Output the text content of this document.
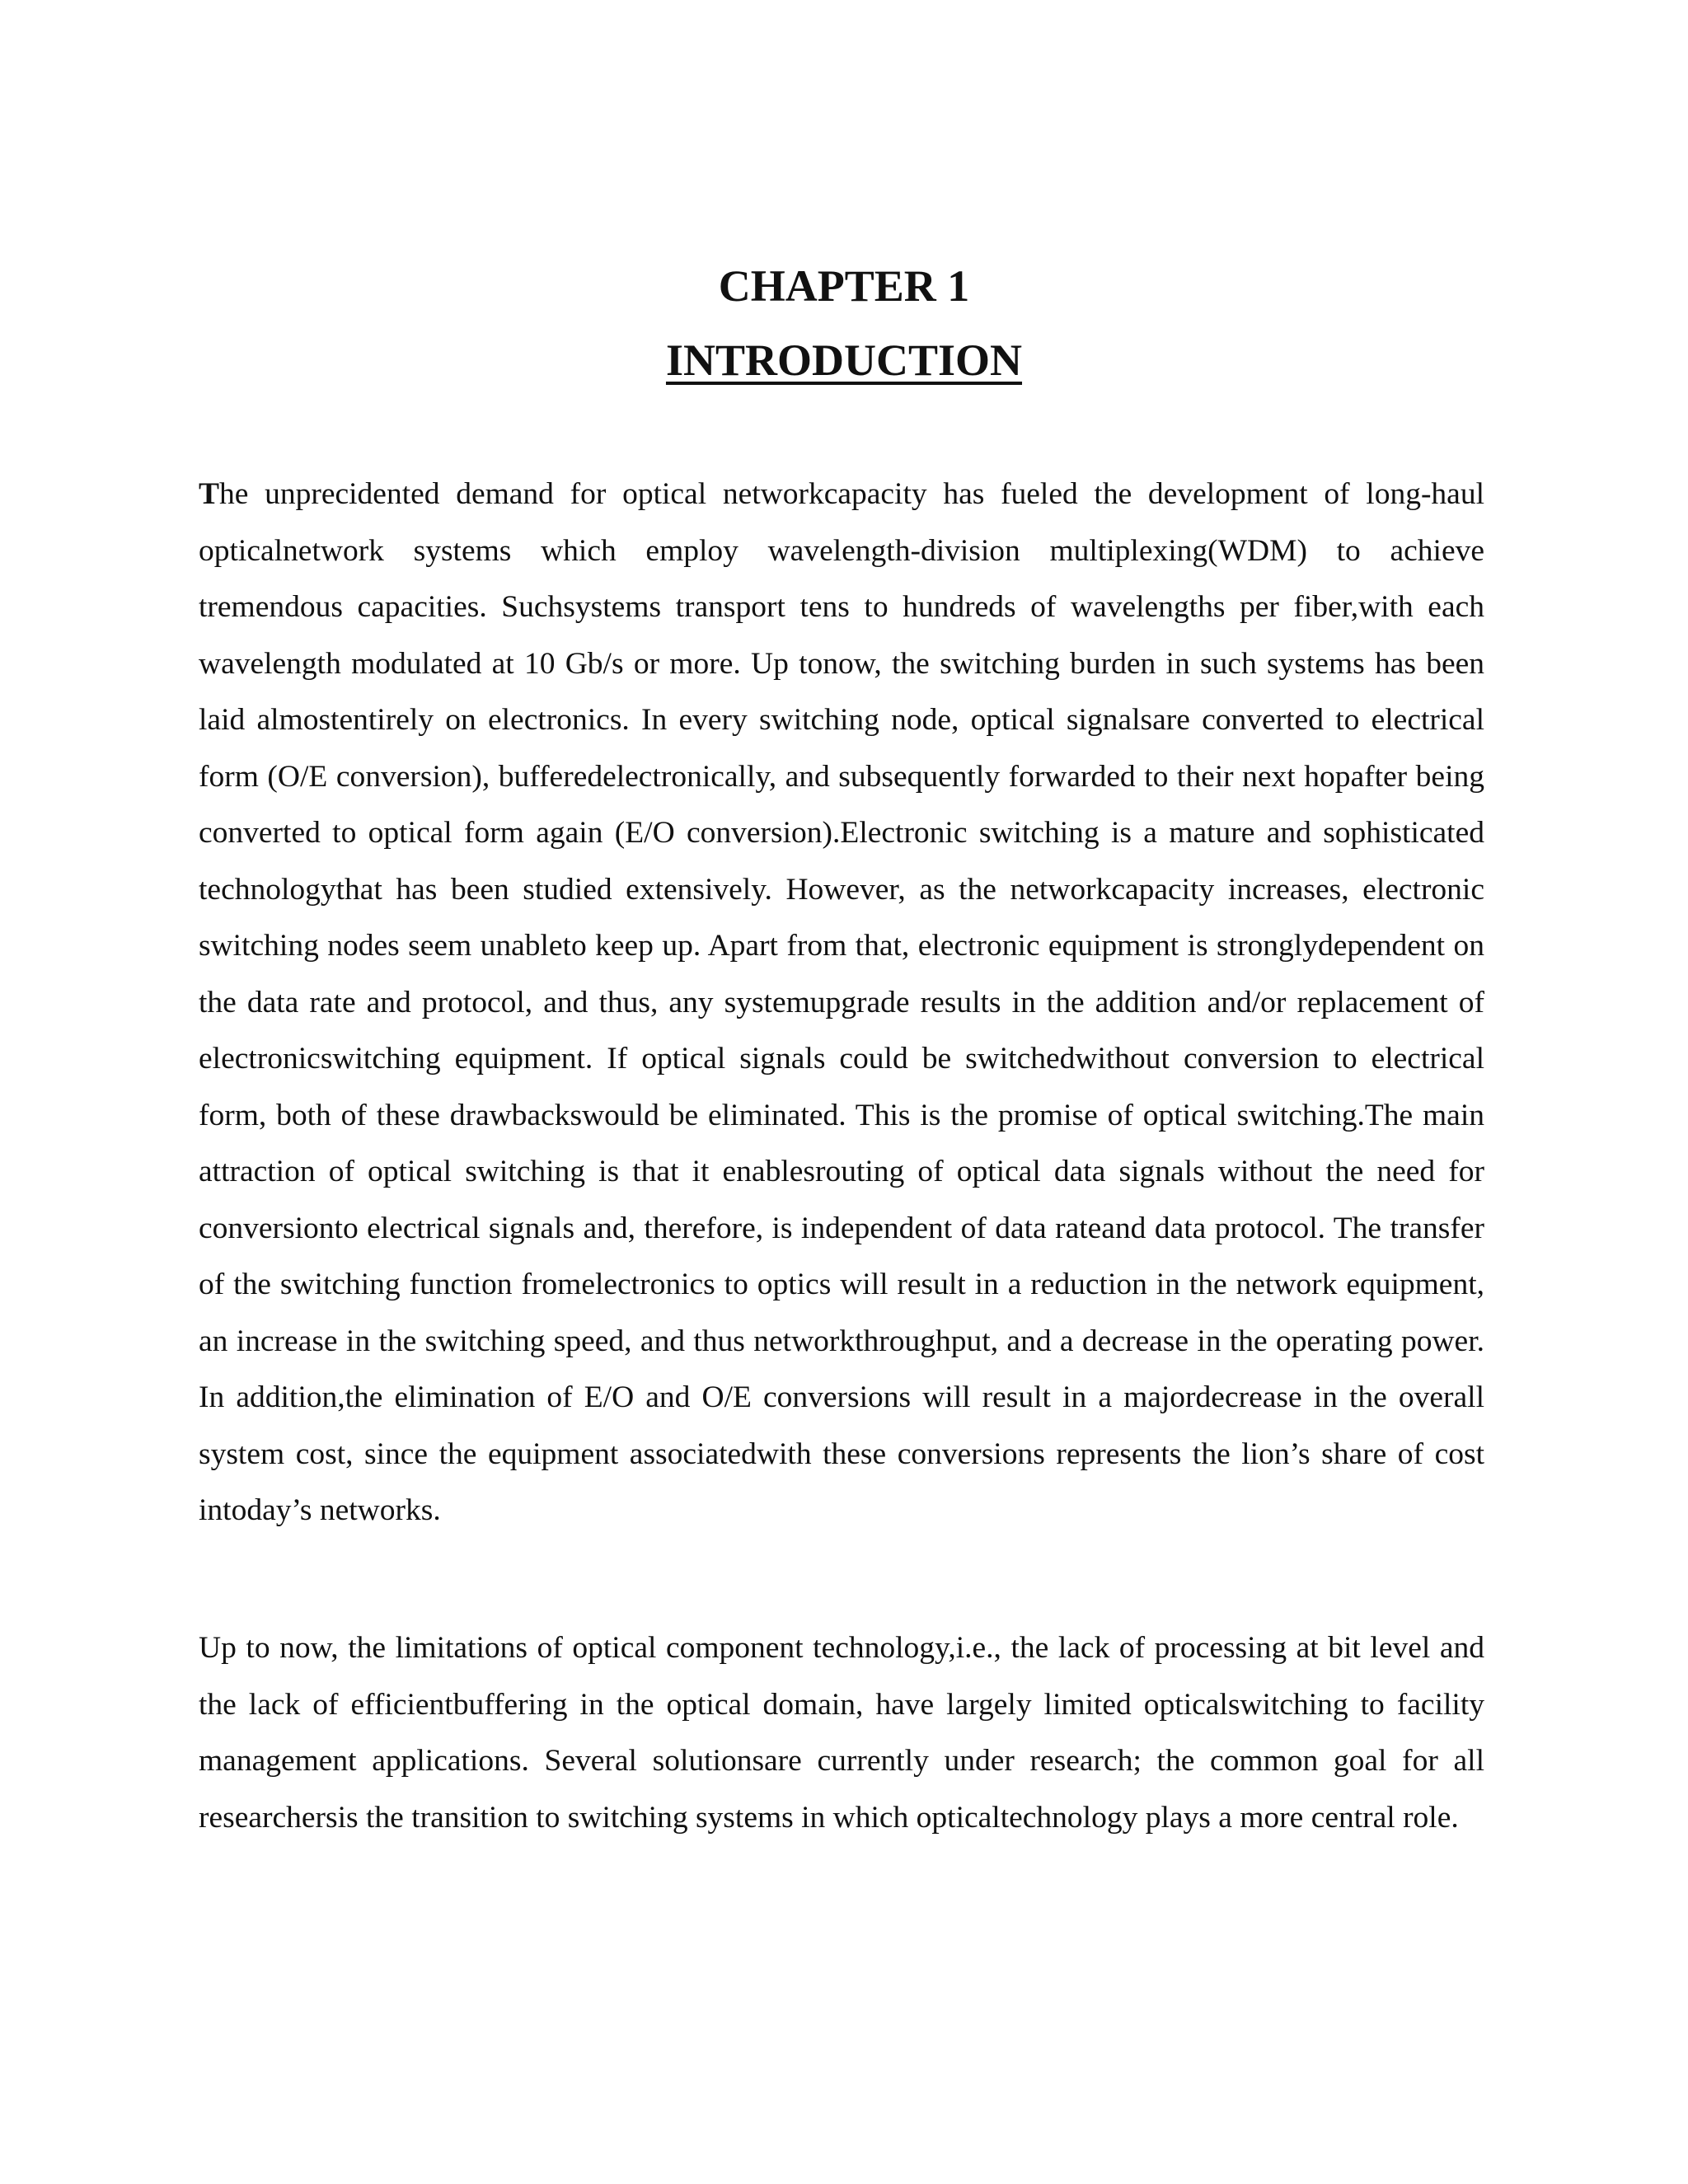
CHAPTER 1
INTRODUCTION

The unprecidented demand for optical networkcapacity has fueled the development of long-haul opticalnetwork systems which employ wavelength-division multiplexing(WDM) to achieve tremendous capacities. Suchsystems transport tens to hundreds of wavelengths per fiber,with each wavelength modulated at 10 Gb/s or more. Up tonow, the switching burden in such systems has been laid almostentirely on electronics. In every switching node, optical signalsare converted to electrical form (O/E conversion), bufferedelectronically, and subsequently forwarded to their next hopafter being converted to optical form again (E/O conversion).Electronic switching is a mature and sophisticated technologythat has been studied extensively. However, as the networkcapacity increases, electronic switching nodes seem unableto keep up. Apart from that, electronic equipment is stronglydependent on the data rate and protocol, and thus, any systemupgrade results in the addition and/or replacement of electronicswitching equipment. If optical signals could be switchedwithout conversion to electrical form, both of these drawbackswould be eliminated. This is the promise of optical switching.The main attraction of optical switching is that it enablesrouting of optical data signals without the need for conversionto electrical signals and, therefore, is independent of data rateand data protocol. The transfer of the switching function fromelectronics to optics will result in a reduction in the network equipment, an increase in the switching speed, and thus networkthroughput, and a decrease in the operating power. In addition,the elimination of E/O and O/E conversions will result in a majordecrease in the overall system cost, since the equipment associatedwith these conversions represents the lion’s share of cost intoday’s networks.

Up to now, the limitations of optical component technology,i.e., the lack of processing at bit level and the lack of efficientbuffering in the optical domain, have largely limited opticalswitching to facility management applications. Several solutionsare currently under research; the common goal for all researchersis the transition to switching systems in which opticaltechnology plays a more central role.
